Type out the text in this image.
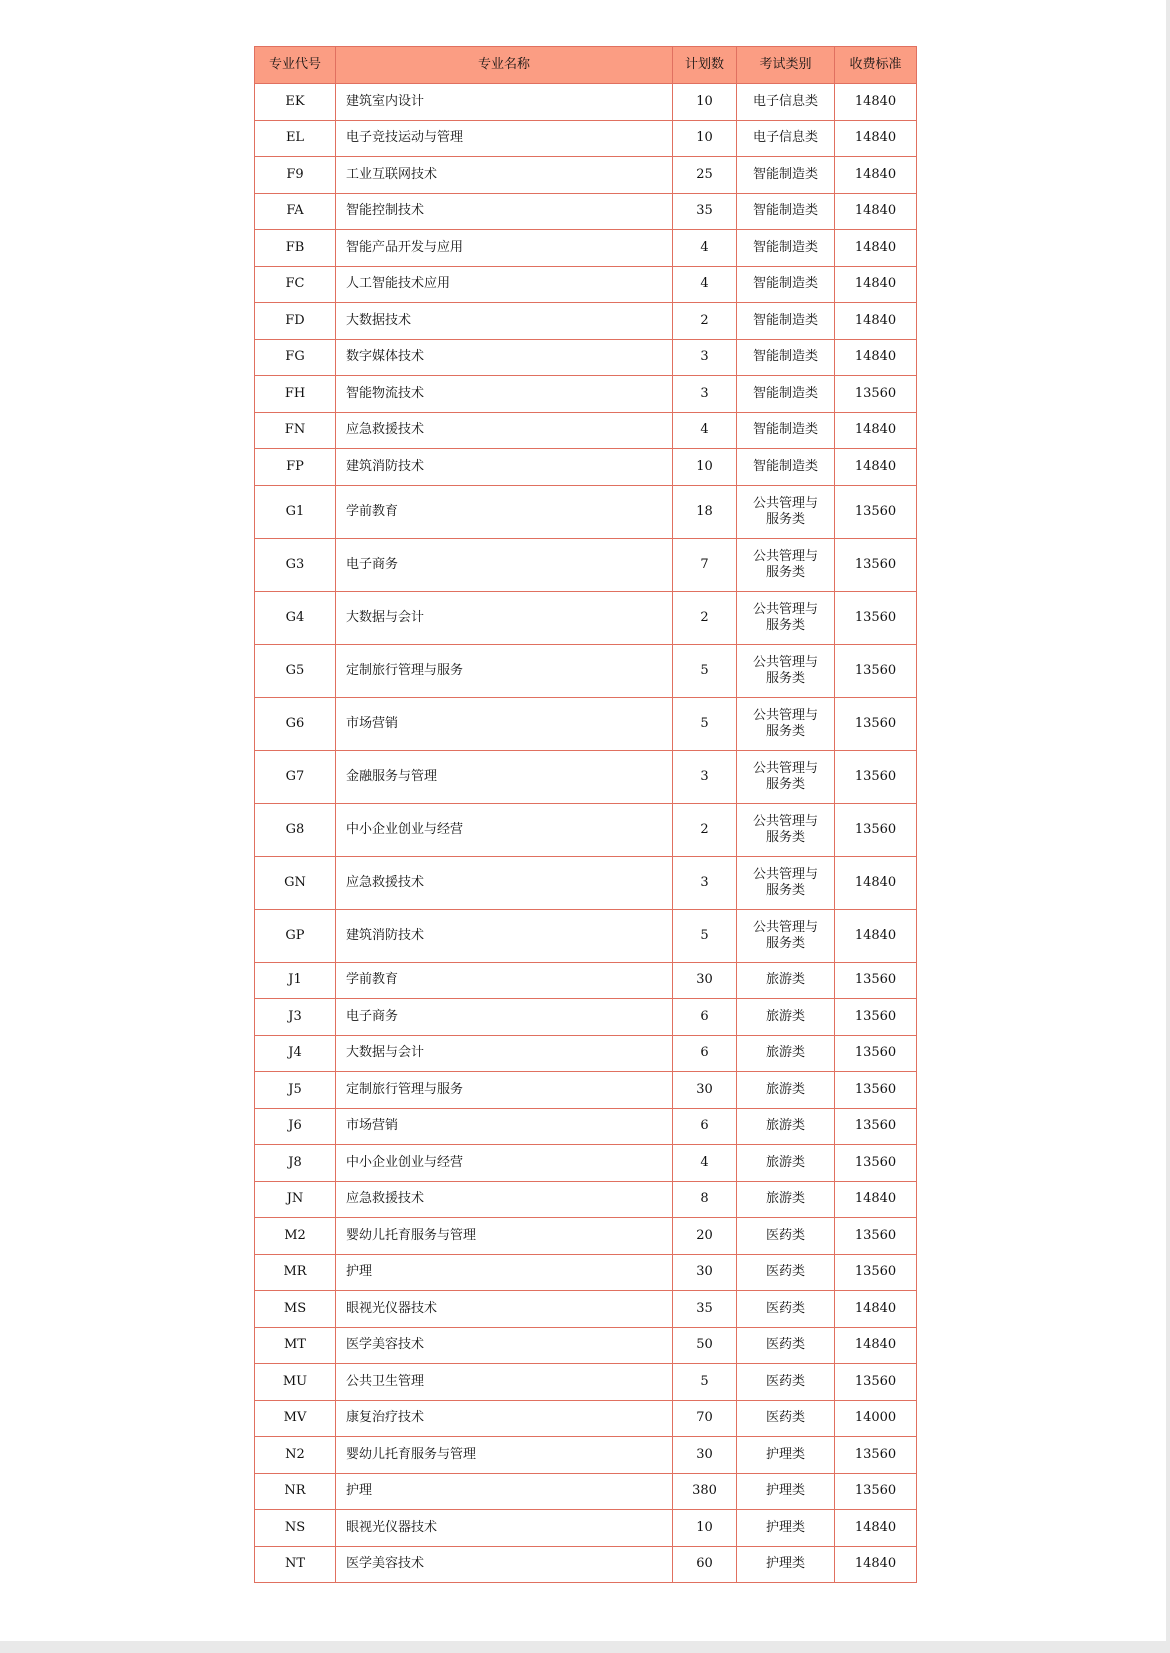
专业代号	专业名称	计划数	考试类别	收费标准
EK	建筑室内设计	10	电子信息类	14840
EL	电子竞技运动与管理	10	电子信息类	14840
F9	工业互联网技术	25	智能制造类	14840
FA	智能控制技术	35	智能制造类	14840
FB	智能产品开发与应用	4	智能制造类	14840
FC	人工智能技术应用	4	智能制造类	14840
FD	大数据技术	2	智能制造类	14840
FG	数字媒体技术	3	智能制造类	14840
FH	智能物流技术	3	智能制造类	13560
FN	应急救援技术	4	智能制造类	14840
FP	建筑消防技术	10	智能制造类	14840
G1	学前教育	18	公共管理与服务类	13560
G3	电子商务	7	公共管理与服务类	13560
G4	大数据与会计	2	公共管理与服务类	13560
G5	定制旅行管理与服务	5	公共管理与服务类	13560
G6	市场营销	5	公共管理与服务类	13560
G7	金融服务与管理	3	公共管理与服务类	13560
G8	中小企业创业与经营	2	公共管理与服务类	13560
GN	应急救援技术	3	公共管理与服务类	14840
GP	建筑消防技术	5	公共管理与服务类	14840
J1	学前教育	30	旅游类	13560
J3	电子商务	6	旅游类	13560
J4	大数据与会计	6	旅游类	13560
J5	定制旅行管理与服务	30	旅游类	13560
J6	市场营销	6	旅游类	13560
J8	中小企业创业与经营	4	旅游类	13560
JN	应急救援技术	8	旅游类	14840
M2	婴幼儿托育服务与管理	20	医药类	13560
MR	护理	30	医药类	13560
MS	眼视光仪器技术	35	医药类	14840
MT	医学美容技术	50	医药类	14840
MU	公共卫生管理	5	医药类	13560
MV	康复治疗技术	70	医药类	14000
N2	婴幼儿托育服务与管理	30	护理类	13560
NR	护理	380	护理类	13560
NS	眼视光仪器技术	10	护理类	14840
NT	医学美容技术	60	护理类	14840
